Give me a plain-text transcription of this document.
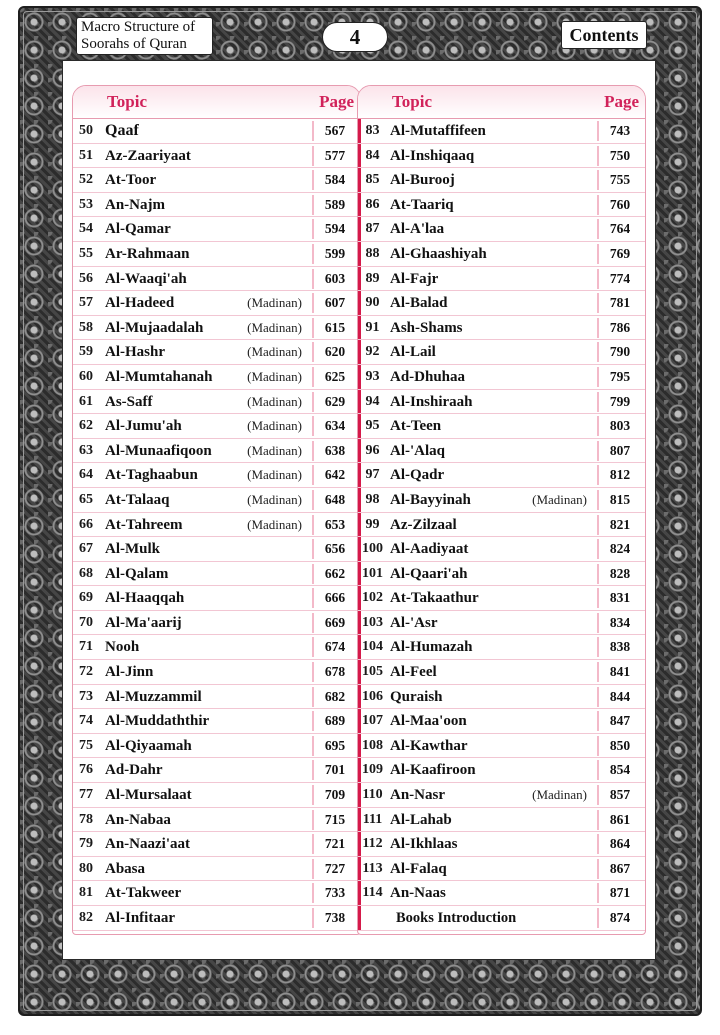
Macro Structure of
Soorahs of Quran	4	Contents
Topic	Page
50 Qaaf	567
51 Az-Zaariyaat	577
52 At-Toor	584
53 An-Najm	589
54 Al-Qamar	594
55 Ar-Rahmaan	599
56 Al-Waaqi'ah	603
57 Al-Hadeed	(Madinan)	607
58 Al-Mujaadalah	(Madinan)	615
59 Al-Hashr	(Madinan)	620
60 Al-Mumtahanah	(Madinan)	625
61 As-Saff	(Madinan)	629
62 Al-Jumu'ah	(Madinan)	634
63 Al-Munaafiqoon	(Madinan)	638
64 At-Taghaabun	(Madinan)	642
65 At-Talaaq	(Madinan)	648
66 At-Tahreem	(Madinan)	653
67 Al-Mulk	656
68 Al-Qalam	662
69 Al-Haaqqah	666
70 Al-Ma'aarij	669
71 Nooh	674
72 Al-Jinn	678
73 Al-Muzzammil	682
74 Al-Muddaththir	689
75 Al-Qiyaamah	695
76 Ad-Dahr	701
77 Al-Mursalaat	709
78 An-Nabaa	715
79 An-Naazi'aat	721
80 Abasa	727
81 At-Takweer	733
82 Al-Infitaar	738
Topic	Page
83 Al-Mutaffifeen	743
84 Al-Inshiqaaq	750
85 Al-Burooj	755
86 At-Taariq	760
87 Al-A'laa	764
88 Al-Ghaashiyah	769
89 Al-Fajr	774
90 Al-Balad	781
91 Ash-Shams	786
92 Al-Lail	790
93 Ad-Dhuhaa	795
94 Al-Inshiraah	799
95 At-Teen	803
96 Al-'Alaq	807
97 Al-Qadr	812
98 Al-Bayyinah	(Madinan)	815
99 Az-Zilzaal	821
100 Al-Aadiyaat	824
101 Al-Qaari'ah	828
102 At-Takaathur	831
103 Al-'Asr	834
104 Al-Humazah	838
105 Al-Feel	841
106 Quraish	844
107 Al-Maa'oon	847
108 Al-Kawthar	850
109 Al-Kaafiroon	854
110 An-Nasr	(Madinan)	857
111 Al-Lahab	861
112 Al-Ikhlaas	864
113 Al-Falaq	867
114 An-Naas	871
Books Introduction	874
